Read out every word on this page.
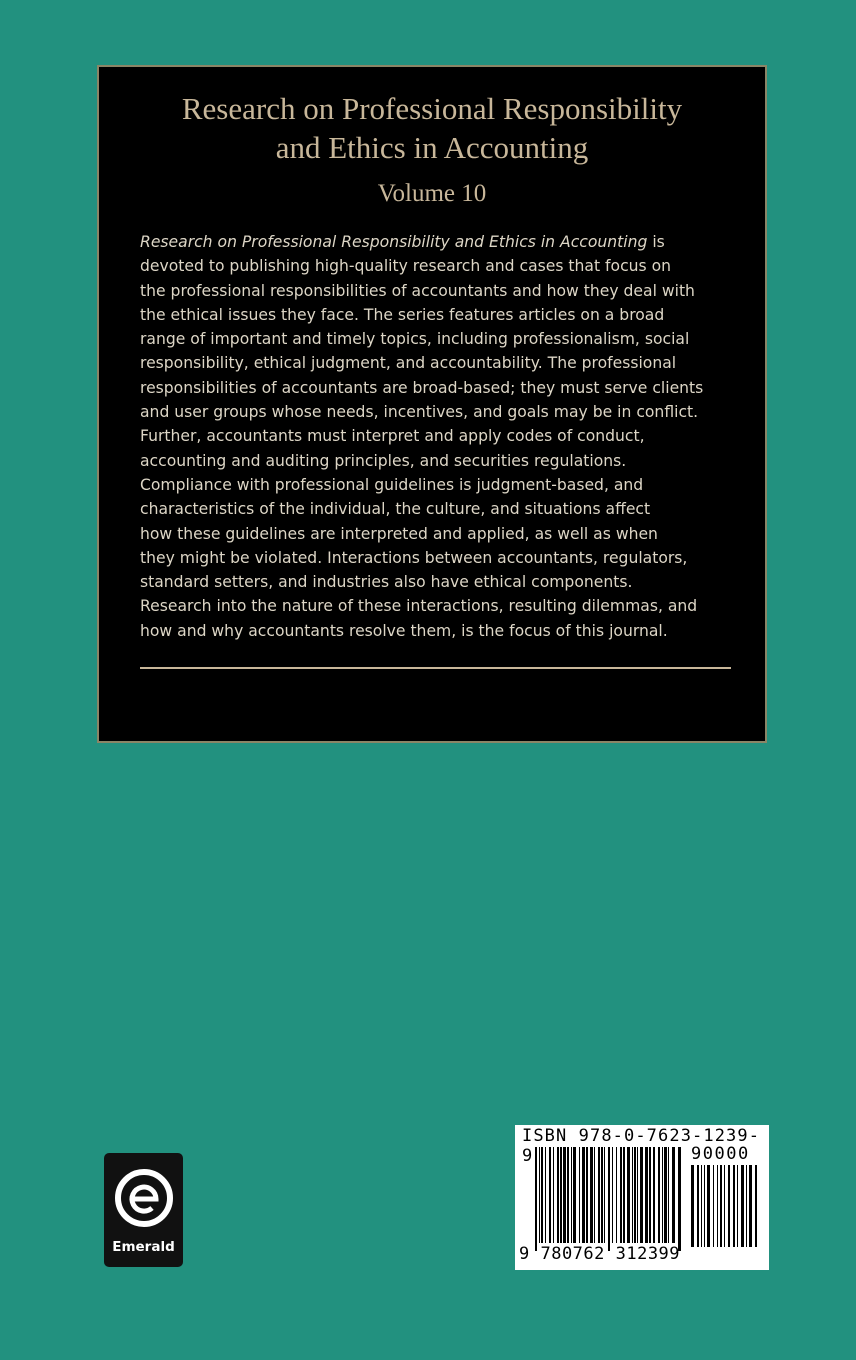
Research on Professional Responsibility
and Ethics in Accounting
Volume 10
Research on Professional Responsibility and Ethics in Accounting is
devoted to publishing high-quality research and cases that focus on
the professional responsibilities of accountants and how they deal with
the ethical issues they face. The series features articles on a broad
range of important and timely topics, including professionalism, social
responsibility, ethical judgment, and accountability. The professional
responsibilities of accountants are broad-based; they must serve clients
and user groups whose needs, incentives, and goals may be in conflict.
Further, accountants must interpret and apply codes of conduct,
accounting and auditing principles, and securities regulations.
Compliance with professional guidelines is judgment-based, and
characteristics of the individual, the culture, and situations affect
how these guidelines are interpreted and applied, as well as when
they might be violated. Interactions between accountants, regulators,
standard setters, and industries also have ethical components.
Research into the nature of these interactions, resulting dilemmas, and
how and why accountants resolve them, is the focus of this journal.
Emerald
ISBN 978-0-7623-1239-9	90000
9 780762 312399
